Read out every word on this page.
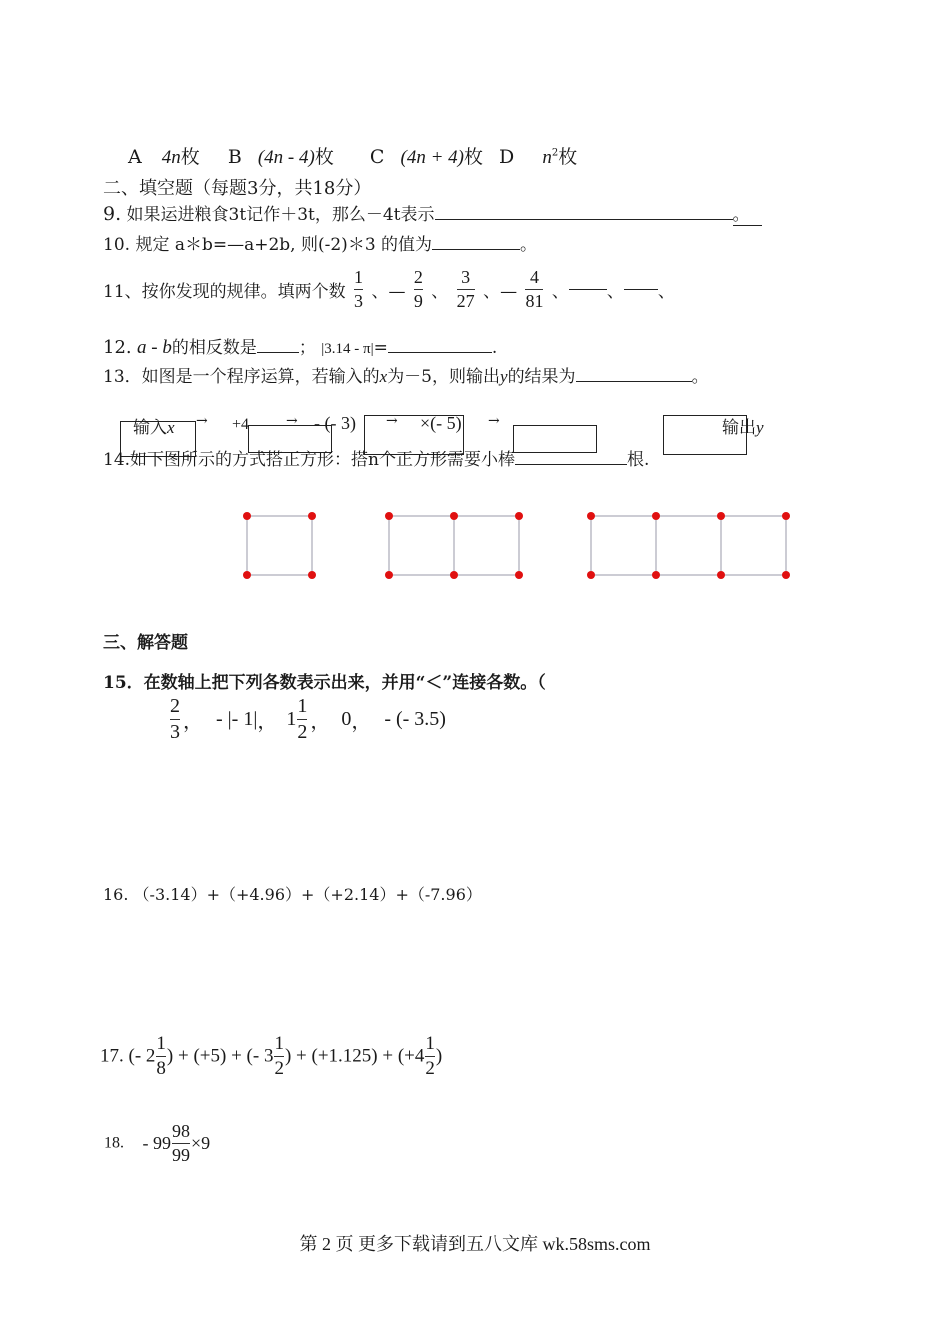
A 4n枚 B (4n - 4)枚 C (4n + 4)枚 D $n^2$枚
二、填空题（每题3分，共18分）
9. 如果运进粮食3t记作＋3t，那么－4t表示	。
10. 规定 a＊b=—a+2b, 则(-2)＊3 的值为	。
11、按你发现的规律。填两个数 $\frac{1}{3}$ 、— $\frac{2}{9}$ 、 $\frac{3}{27}$ 、— $\frac{4}{81}$ 、 、 、
12. a - b的相反数是 ； |3.14 - π|=	.
13．如图是一个程序运算，若输入的x为－5，则输出y的结果为	。
输入x → +4	→ - (- 3) → ×(- 5) →	输出y
14.如下图所示的方式搭正方形：搭n个正方形需要小棒	根.
三、解答题
15．在数轴上把下列各数表示出来，并用“＜”连接各数。（
$\frac{2}{3}$ ， - |- 1|， $1 \frac{1}{2}$ ， 0， - (- 3.5)
16. （-3.14）+（+4.96）+（+2.14）+（-7.96）
17. (- $2 \frac{1}{8}$ ) + (+5) + (- $3 \frac{1}{2}$ ) + $(+1.125) + (+4 \frac{1}{2}$ )
18. - $99 \frac{98}{99} \times 9$
第 2 页 更多下载请到五八文库 wk.58sms.com
